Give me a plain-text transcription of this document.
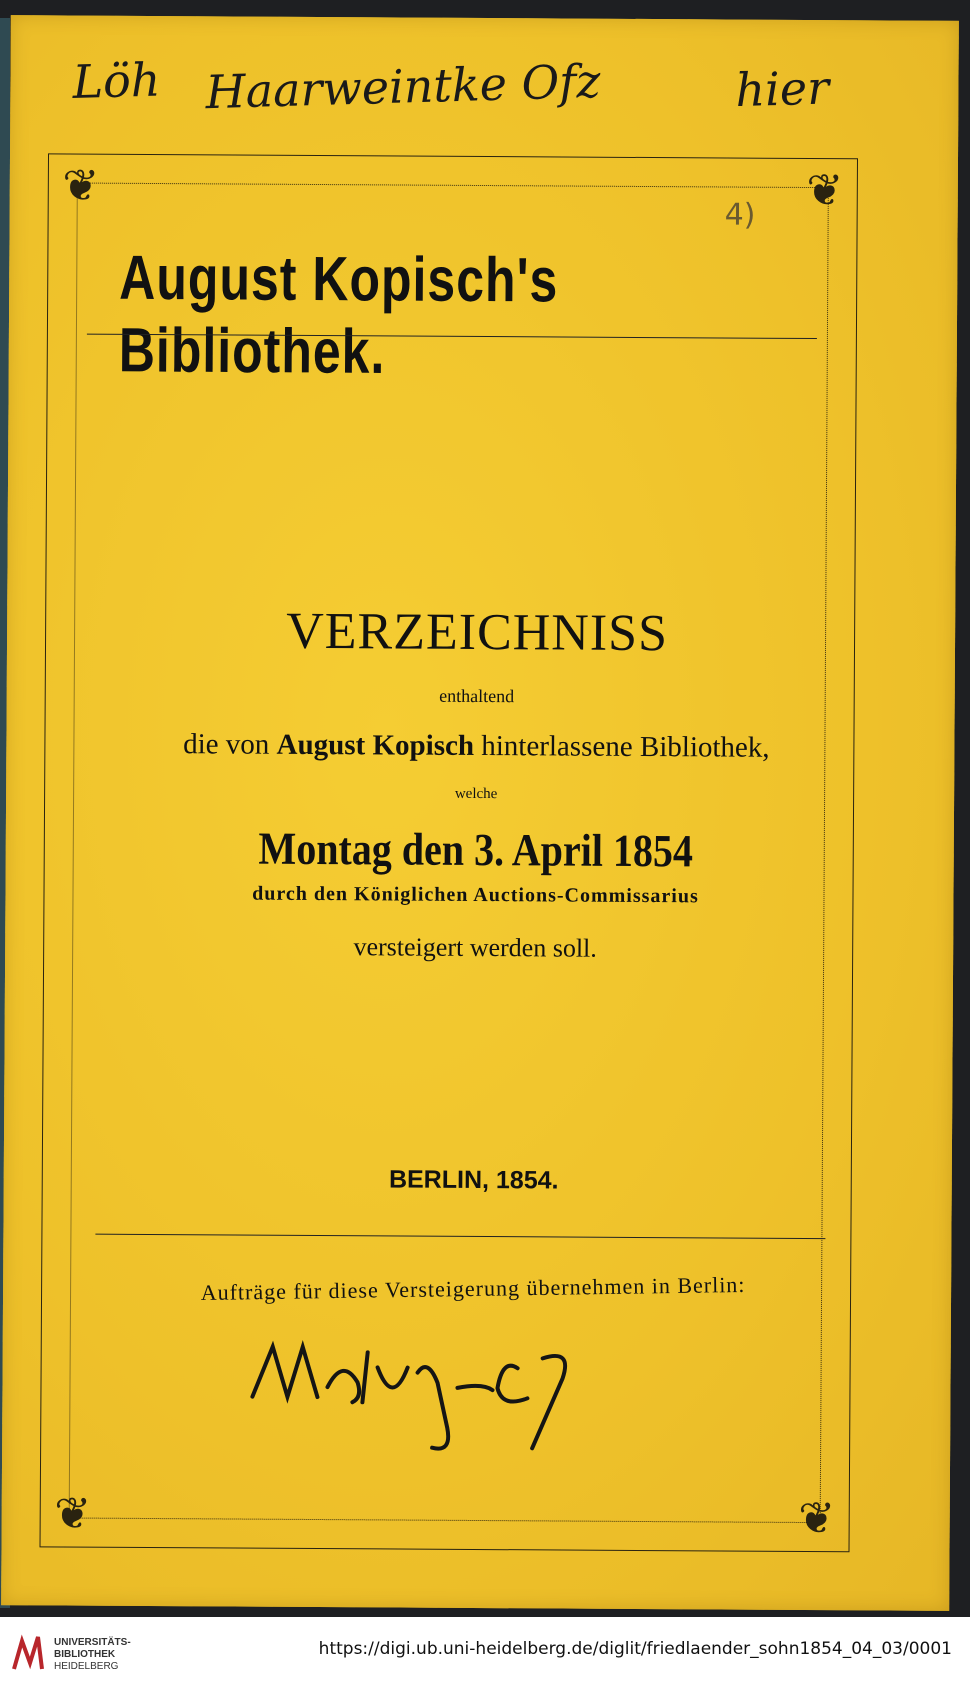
Löh Haarweintke Ofz	hier
❦	❦
❦	❦
4)
August Kopisch's Bibliothek.
VERZEICHNISS
enthaltend
die von August Kopisch hinterlassene Bibliothek,
welche
Montag den 3. April 1854
durch den Königlichen Auctions-Commissarius
versteigert werden soll.
BERLIN, 1854.
Aufträge für diese Versteigerung übernehmen in Berlin:
UNIVERSITÄTS-
BIBLIOTHEK
HEIDELBERG
https://digi.ub.uni-heidelberg.de/diglit/friedlaender_sohn1854_04_03/0001
